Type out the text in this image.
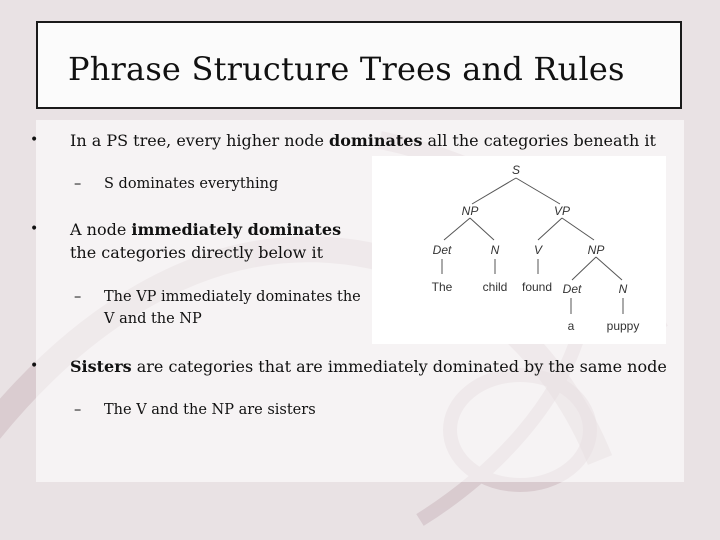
Phrase Structure Trees and Rules
• In a PS tree, every higher node dominates all the categories beneath it
– S dominates everything
• A node immediately dominates
the categories directly below it
– The VP immediately dominates the
V and the NP
• Sisters are categories that are immediately dominated by the same node
– The V and the NP are sisters
S
NP	VP
Det	N	V	NP
The	child found Det	N
a	puppy
